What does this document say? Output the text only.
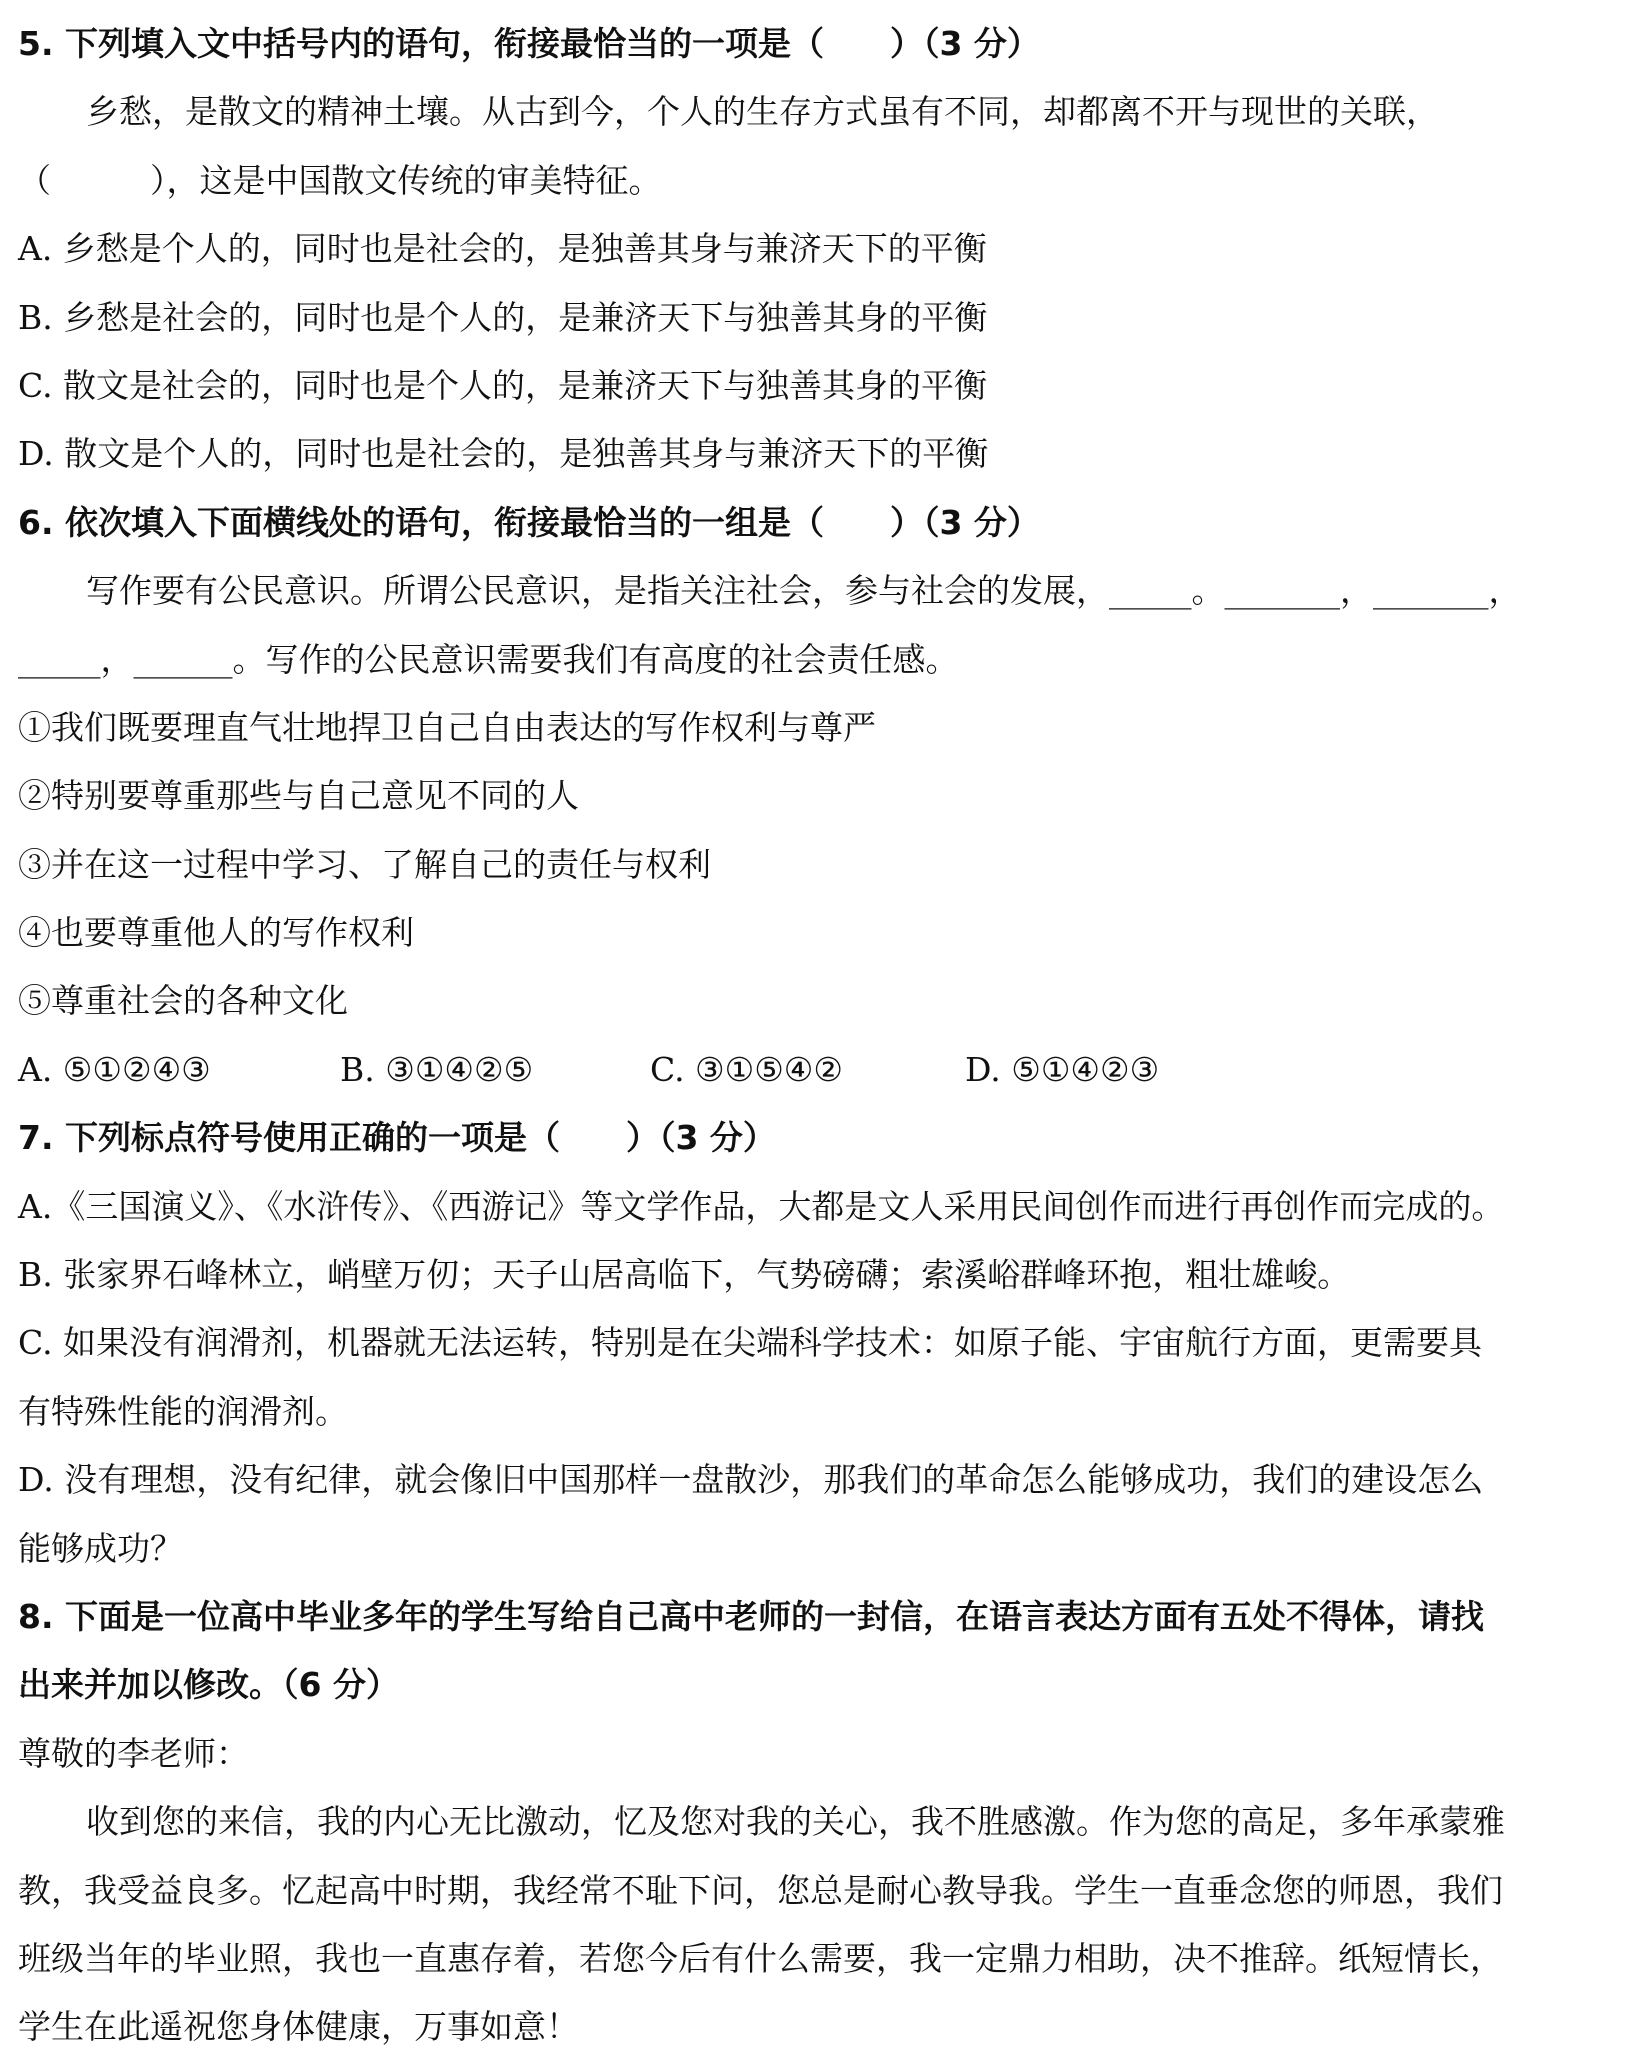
5. 下列填入文中括号内的语句，衔接最恰当的一项是（　　）（3 分）
乡愁，是散文的精神土壤。从古到今，个人的生存方式虽有不同，却都离不开与现世的关联，
（　　　），这是中国散文传统的审美特征。
A. 乡愁是个人的，同时也是社会的，是独善其身与兼济天下的平衡
B. 乡愁是社会的，同时也是个人的，是兼济天下与独善其身的平衡
C. 散文是社会的，同时也是个人的，是兼济天下与独善其身的平衡
D. 散文是个人的，同时也是社会的，是独善其身与兼济天下的平衡
6. 依次填入下面横线处的语句，衔接最恰当的一组是（　　）（3 分）
写作要有公民意识。所谓公民意识，是指关注社会，参与社会的发展，_____。_______，_______，
_____，______。写作的公民意识需要我们有高度的社会责任感。
①我们既要理直气壮地捍卫自己自由表达的写作权利与尊严
②特别要尊重那些与自己意见不同的人
③并在这一过程中学习、了解自己的责任与权利
④也要尊重他人的写作权利
⑤尊重社会的各种文化
A. ⑤①②④③	B. ③①④②⑤	C. ③①⑤④②	D. ⑤①④②③
7. 下列标点符号使用正确的一项是（　　）（3 分）
A.《三国演义》、《水浒传》、《西游记》等文学作品，大都是文人采用民间创作而进行再创作而完成的。
B. 张家界石峰林立，峭壁万仞；天子山居高临下，气势磅礴；索溪峪群峰环抱，粗壮雄峻。
C. 如果没有润滑剂，机器就无法运转，特别是在尖端科学技术：如原子能、宇宙航行方面，更需要具
有特殊性能的润滑剂。
D. 没有理想，没有纪律，就会像旧中国那样一盘散沙，那我们的革命怎么能够成功，我们的建设怎么
能够成功？
8. 下面是一位高中毕业多年的学生写给自己高中老师的一封信，在语言表达方面有五处不得体，请找
出来并加以修改。（6 分）
尊敬的李老师：
收到您的来信，我的内心无比激动，忆及您对我的关心，我不胜感激。作为您的高足，多年承蒙雅
教，我受益良多。忆起高中时期，我经常不耻下问，您总是耐心教导我。学生一直垂念您的师恩，我们
班级当年的毕业照，我也一直惠存着，若您今后有什么需要，我一定鼎力相助，决不推辞。纸短情长，
学生在此遥祝您身体健康，万事如意！
